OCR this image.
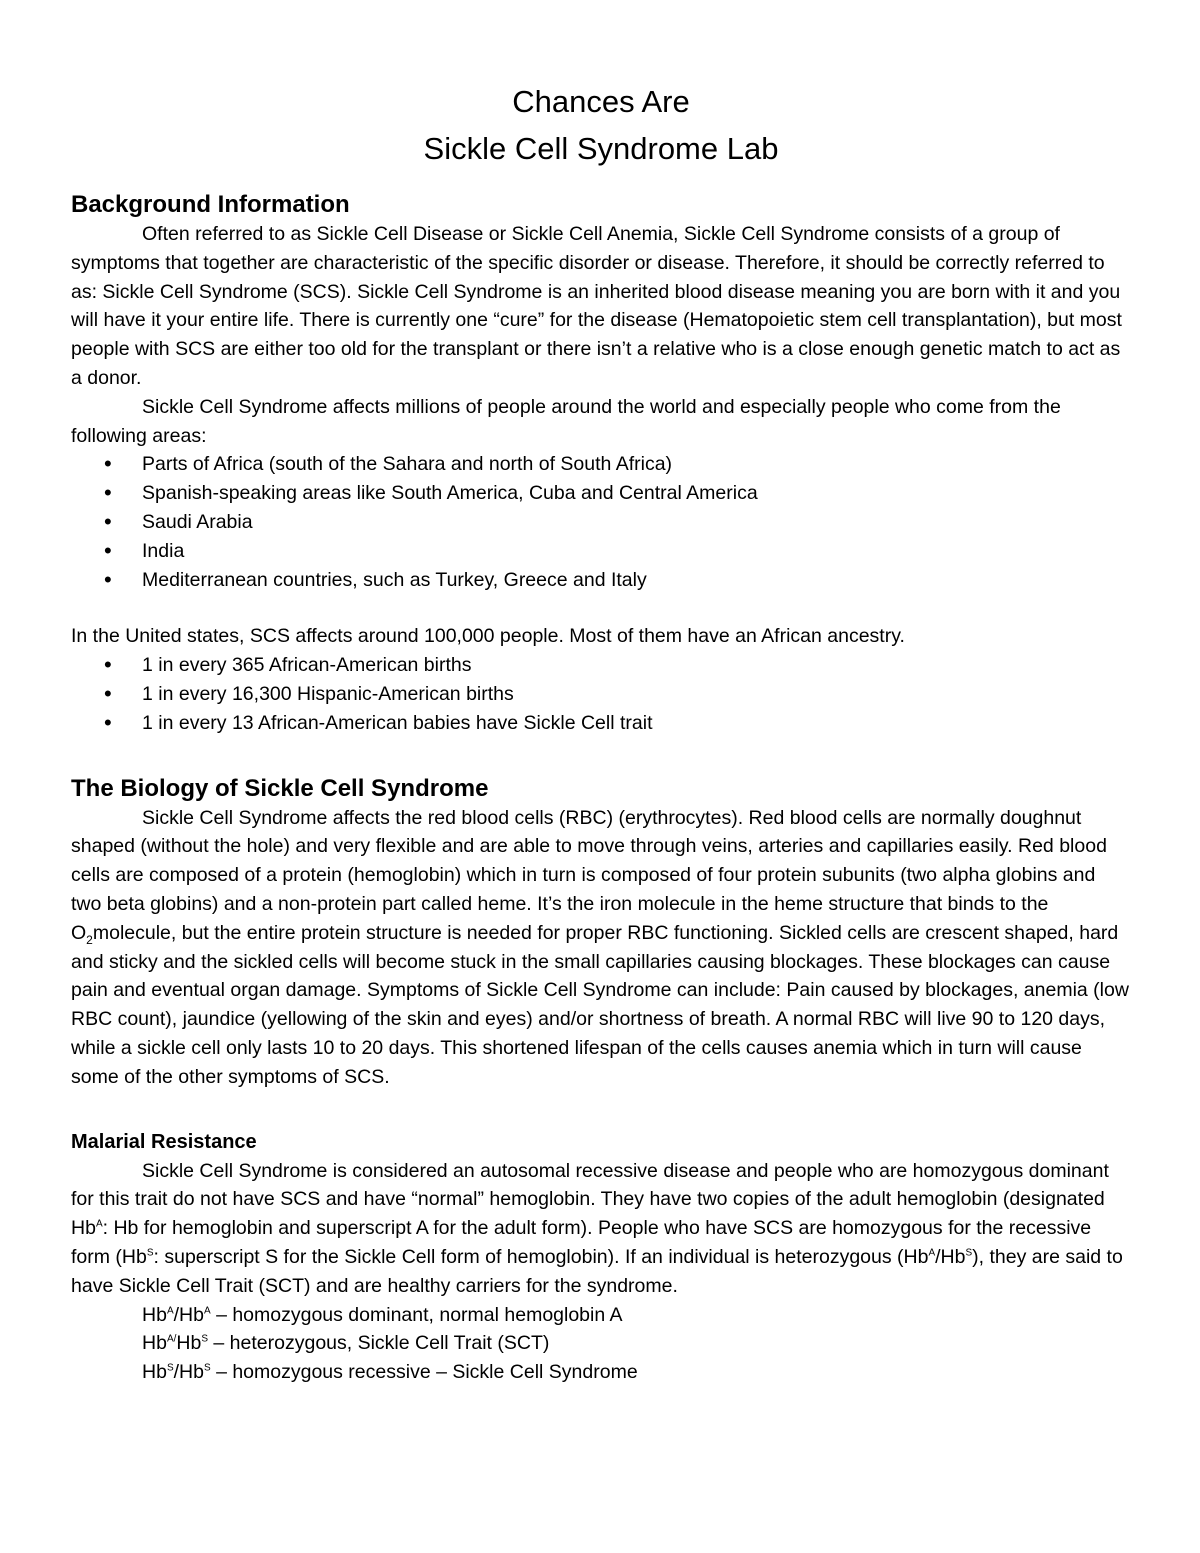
Chances Are
Sickle Cell Syndrome Lab
Background Information

Often referred to as Sickle Cell Disease or Sickle Cell Anemia, Sickle Cell Syndrome consists of a group of symptoms that together are characteristic of the specific disorder or disease. Therefore, it should be correctly referred to as: Sickle Cell Syndrome (SCS). Sickle Cell Syndrome is an inherited blood disease meaning you are born with it and you will have it your entire life. There is currently one “cure” for the disease (Hematopoietic stem cell transplantation), but most people with SCS are either too old for the transplant or there isn’t a relative who is a close enough genetic match to act as a donor.

Sickle Cell Syndrome affects millions of people around the world and especially people who come from the following areas:

• Parts of Africa (south of the Sahara and north of South Africa)
• Spanish-speaking areas like South America, Cuba and Central America
• Saudi Arabia
• India
• Mediterranean countries, such as Turkey, Greece and Italy

In the United states, SCS affects around 100,000 people. Most of them have an African ancestry.

• 1 in every 365 African-American births
• 1 in every 16,300 Hispanic-American births
• 1 in every 13 African-American babies have Sickle Cell trait
The Biology of Sickle Cell Syndrome

Sickle Cell Syndrome affects the red blood cells (RBC) (erythrocytes). Red blood cells are normally doughnut shaped (without the hole) and very flexible and are able to move through veins, arteries and capillaries easily. Red blood cells are composed of a protein (hemoglobin) which in turn is composed of four protein subunits (two alpha globins and two beta globins) and a non-protein part called heme. It’s the iron molecule in the heme structure that binds to the $O_2molecule$, but the entire protein structure is needed for proper RBC functioning. Sickled cells are crescent shaped, hard and sticky and the sickled cells will become stuck in the small capillaries causing blockages. These blockages can cause pain and eventual organ damage. Symptoms of Sickle Cell Syndrome can include: Pain caused by blockages, anemia (low RBC count), jaundice (yellowing of the skin and eyes) and/or shortness of breath. A normal RBC will live 90 to 120 days, while a sickle cell only lasts 10 to 20 days. This shortened lifespan of the cells causes anemia which in turn will cause some of the other symptoms of SCS.

Malarial Resistance

Sickle Cell Syndrome is considered an autosomal recessive disease and people who are homozygous dominant for this trait do not have SCS and have “normal” hemoglobin. They have two copies of the adult hemoglobin (designated $Hb^A$: Hb for hemoglobin and superscript A for the adult form). People who have SCS are homozygous for the recessive form ($Hb^S$: superscript S for the Sickle Cell form of hemoglobin). If an individual is heterozygous $(Hb^A/Hb^S)$, they are said to have Sickle Cell Trait (SCT) and are healthy carriers for the syndrome.

$Hb^A/Hb^A$ – homozygous dominant, normal hemoglobin A
$Hb^{A/}Hb^S$ – heterozygous, Sickle Cell Trait (SCT)
$Hb^S/Hb^S$ – homozygous recessive – Sickle Cell Syndrome
